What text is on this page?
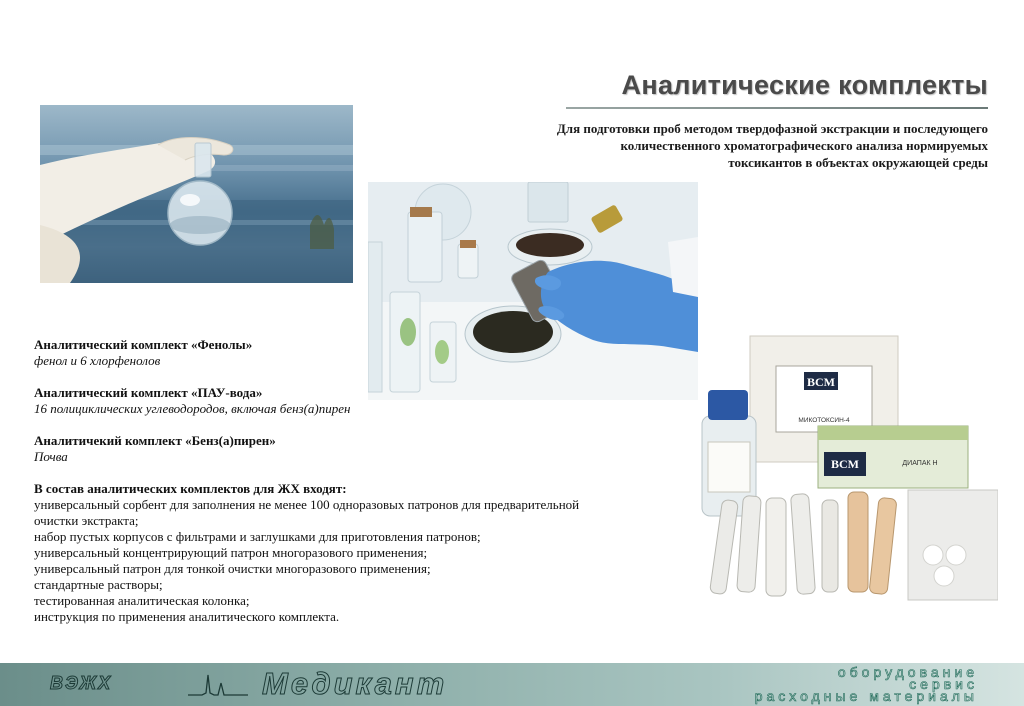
Аналитические комплекты
Для подготовки проб методом твердофазной экстракции и последующего
количественного хроматографического анализа нормируемых
токсикантов в объектах окружающей среды
BCM
МИКОТОКСИН-4
BCM	ДИАПАК Н
Аналитический комплект «Фенолы»
фенол и 6 хлорфенолов
Аналитический комплект «ПАУ-вода»
16 полициклических углеводородов, включая бенз(а)пирен
Аналитичекий комплект «Бенз(а)пирен»
Почва
В состав аналитических комплектов для ЖХ входят:
универсальный сорбент для заполнения не менее 100 одноразовых патронов для предварительной
очистки экстракта;
набор пустых корпусов с фильтрами и заглушками для приготовления патронов;
универсальный концентрирующий патрон многоразового применения;
универсальный патрон для тонкой очистки многоразового применения;
стандартные растворы;
тестированная аналитическая колонка;
инструкция по применения аналитического комплекта.
ВЭЖХ	Медикант	оборудование
сервис
расходные материалы
